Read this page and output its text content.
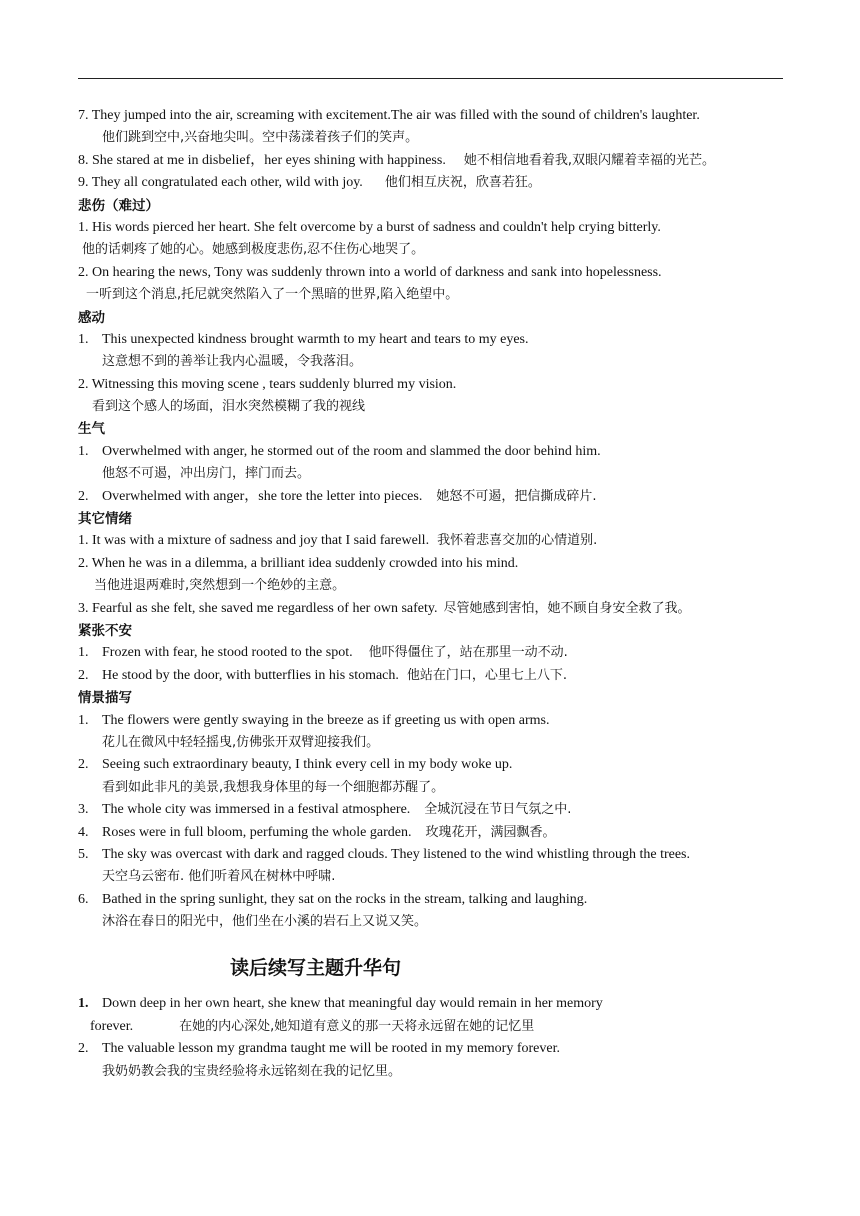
7. They jumped into the air, screaming with excitement.The air was filled with the sound of children's laughter.
他们跳到空中,兴奋地尖叫。空中荡漾着孩子们的笑声。
8. She stared at me in disbelief，her eyes shining with happiness. 她不相信地看着我,双眼闪耀着幸福的光芒。
9. They all congratulated each other, wild with joy. 他们相互庆祝，欣喜若狂。
悲伤（难过）
1. His words pierced her heart. She felt overcome by a burst of sadness and couldn't help crying bitterly.
他的话刺疼了她的心。她感到极度悲伤,忍不住伤心地哭了。
2. On hearing the news, Tony was suddenly thrown into a world of darkness and sank into hopelessness.
一听到这个消息,托尼就突然陷入了一个黑暗的世界,陷入绝望中。
感动
1. This unexpected kindness brought warmth to my heart and tears to my eyes.
这意想不到的善举让我内心温暖，令我落泪。
2. Witnessing this moving scene , tears suddenly blurred my vision.
看到这个感人的场面，泪水突然模糊了我的视线
生气
1. Overwhelmed with anger, he stormed out of the room and slammed the door behind him.
他怒不可遏，冲出房门，摔门而去。
2. Overwhelmed with anger，she tore the letter into pieces. 她怒不可遏，把信撕成碎片.
其它情绪
1. It was with a mixture of sadness and joy that I said farewell. 我怀着悲喜交加的心情道别.
2. When he was in a dilemma, a brilliant idea suddenly crowded into his mind.
当他进退两难时,突然想到一个绝妙的主意。
3. Fearful as she felt, she saved me regardless of her own safety. 尽管她感到害怕，她不顾自身安全救了我。
紧张不安
1. Frozen with fear, he stood rooted to the spot. 他吓得僵住了，站在那里一动不动.
2. He stood by the door, with butterflies in his stomach. 他站在门口，心里七上八下.
情景描写
1. The flowers were gently swaying in the breeze as if greeting us with open arms.
花儿在微风中轻轻摇曳,仿佛张开双臂迎接我们。
2. Seeing such extraordinary beauty, I think every cell in my body woke up.
看到如此非凡的美景,我想我身体里的每一个细胞都苏醒了。
3. The whole city was immersed in a festival atmosphere. 全城沉浸在节日气氛之中.
4. Roses were in full bloom, perfuming the whole garden. 玫瑰花开，满园飘香。
5. The sky was overcast with dark and ragged clouds. They listened to the wind whistling through the trees.
天空乌云密布. 他们听着风在树林中呼啸.
6. Bathed in the spring sunlight, they sat on the rocks in the stream, talking and laughing.
沐浴在春日的阳光中，他们坐在小溪的岩石上又说又笑。
读后续写主题升华句
1. Down deep in her own heart, she knew that meaningful day would remain in her memory
forever.	在她的内心深处,她知道有意义的那一天将永远留在她的记忆里
2. The valuable lesson my grandma taught me will be rooted in my memory forever.
我奶奶教会我的宝贵经验将永远铭刻在我的记忆里。
